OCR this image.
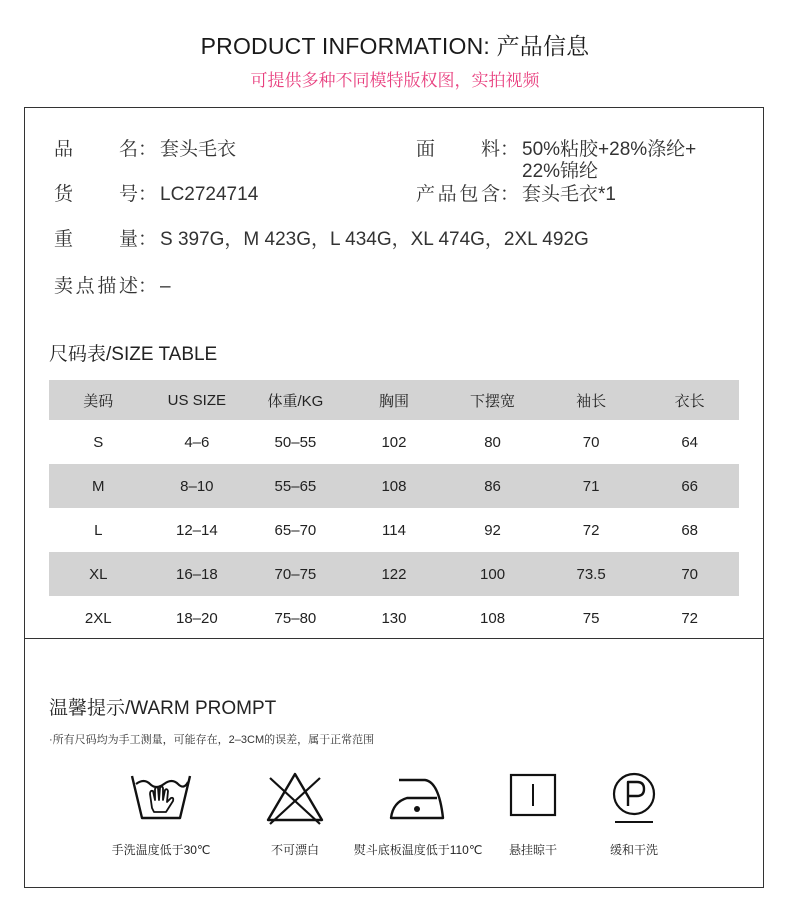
PRODUCT INFORMATION: 产品信息
可提供多种不同模特版权图，实拍视频
品名： 套头毛衣	面料： 50%粘胶+28%涤纶+
22%锦纶
货号： LC2724714	产品包含： 套头毛衣*1
重量： S 397G，M 423G，L 434G，XL 474G，2XL 492G
卖点描述： –
尺码表/SIZE TABLE
美码	US SIZE	体重/KG	胸围	下摆宽	袖长	衣长
S	4–6	50–55	102	80	70	64
M	8–10	55–65	108	86	71	66
L	12–14	65–70	114	92	72	68
XL	16–18	70–75	122	100	73.5	70
2XL	18–20	75–80	130	108	75	72
温馨提示/WARM PROMPT
·所有尺码均为手工测量，可能存在，2–3CM的误差，属于正常范围
手洗温度低于30℃	不可漂白	熨斗底板温度低于110℃	悬挂晾干	缓和干洗
